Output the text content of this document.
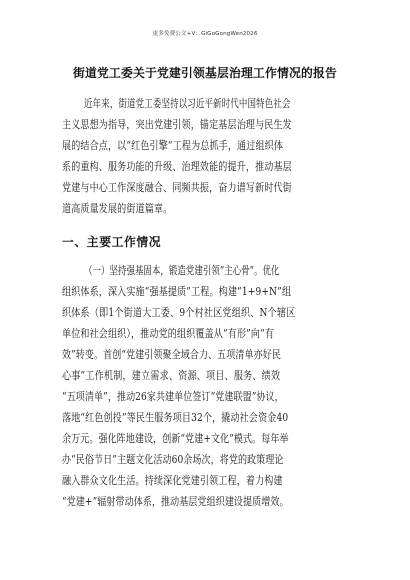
更多免费公文+V：GiGoGongWen2026
街道党工委关于党建引领基层治理工作情况的报告
近年来，街道党工委坚持以习近平新时代中国特色社会
主义思想为指导，突出党建引领，锚定基层治理与民生发
展的结合点，以“红色引擎”工程为总抓手，通过组织体
系的重构、服务功能的升级、治理效能的提升，推动基层
党建与中心工作深度融合、同频共振，奋力谱写新时代街
道高质量发展的街道篇章。
一、主要工作情况
（一）坚持强基固本，锻造党建引领“主心骨”。优化
组织体系，深入实施“强基提质”工程。构建“1+9+N”组
织体系（即1个街道大工委、9个村社区党组织、N个辖区
单位和社会组织），推动党的组织覆盖从“有形”向“有
效”转变。首创“党建引领聚全域合力、五项清单亦好民
心事”工作机制，建立需求、资源、项目、服务、绩效
“五项清单”，推动26家共建单位签订“党建联盟”协议，
落地“红色创投”等民生服务项目32个，撬动社会资金40
余万元。强化阵地建设，创新“党建+文化”模式。每年举
办“民俗节日”主题文化活动60余场次，将党的政策理论
融入群众文化生活。持续深化党建引领工程，着力构建
“党建+”辐射带动体系，推动基层党组织建设提质增效。
